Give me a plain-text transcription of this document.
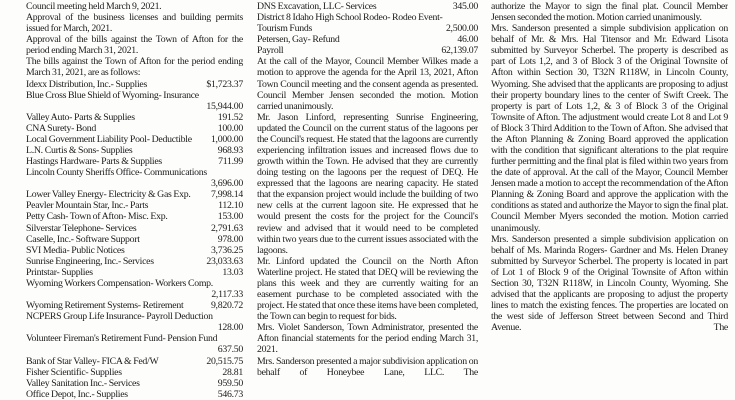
Council meeting held March 9, 2021.

Approval of the business licenses and building permits issued for March, 2021.

Approval of the bills against the Town of Afton for the period ending March 31, 2021.

The bills against the Town of Afton for the period ending March 31, 2021, are as follows:

Idexx Distribution, Inc.- Supplies	$1,723.37
Blue Cross Blue Shield of Wyoming- Insurance
15,944.00
Valley Auto- Parts & Supplies	191.52
CNA Surety- Bond	100.00
Local Government Liability Pool- Deductible 1,000.00
L.N. Curtis & Sons- Supplies	968.93
Hastings Hardware- Parts & Supplies	711.99
Lincoln County Sheriffs Office- Communications
3,696.00
Lower Valley Energy- Electricity & Gas Exp. 7,998.14
Peavler Mountain Star, Inc.- Parts	112.10
Petty Cash- Town of Afton- Misc. Exp.	153.00
Silverstar Telephone- Services	2,791.63
Caselle, Inc.- Software Support	978.00
SVI Media- Public Notices	3,736.25
Sunrise Engineering, Inc.- Services	23,033.63
Printstar- Supplies	13.03
Wyoming Workers Compensation- Workers Comp.
2,117.33
Wyoming Retirement Systems- Retirement	9,820.72
NCPERS Group Life Insurance- Payroll Deduction
128.00
Volunteer Fireman's Retirement Fund- Pension Fund
637.50
Bank of Star Valley- FICA & Fed/W	20,515.75
Fisher Scientific- Supplies	28.81
Valley Sanitation Inc.- Services	959.50
Office Depot, Inc.- Supplies	546.73
DNS Excavation, LLC- Services	345.00
District 8 Idaho High School Rodeo- Rodeo Event-
Tourism Funds	2,500.00
Petersen, Gay- Refund	46.00
Payroll	62,139.07

At the call of the Mayor, Council Member Wilkes made a motion to approve the agenda for the April 13, 2021, Afton Town Council meeting and the consent agenda as presented. Council Member Jensen seconded the motion. Motion carried unanimously.

Mr. Jason Linford, representing Sunrise Engineering, updated the Council on the current status of the lagoons per the Council's request. He stated that the lagoons are currently experiencing infiltration issues and increased flows due to growth within the Town. He advised that they are currently doing testing on the lagoons per the request of DEQ. He expressed that the lagoons are nearing capacity. He stated that the expansion project would include the building of two new cells at the current lagoon site. He expressed that he would present the costs for the project for the Council's review and advised that it would need to be completed within two years due to the current issues associated with the lagoons.

Mr. Linford updated the Council on the North Afton Waterline project. He stated that DEQ will be reviewing the plans this week and they are currently waiting for an easement purchase to be completed associated with the project. He stated that once these items have been completed, the Town can begin to request for bids.

Mrs. Violet Sanderson, Town Administrator, presented the Afton financial statements for the period ending March 31, 2021.

Mrs. Sanderson presented a major subdivision application on behalf of Honeybee Lane, LLC. The

authorize the Mayor to sign the final plat. Council Member Jensen seconded the motion. Motion carried unanimously.

Mrs. Sanderson presented a simple subdivision application on behalf of Mr. & Mrs. Hal Titensor and Mr. Edward Lisota submitted by Surveyor Scherbel. The property is described as part of Lots 1,2, and 3 of Block 3 of the Original Townsite of Afton within Section 30, T32N R118W, in Lincoln County, Wyoming. She advised that the applicants are proposing to adjust their property boundary lines to the center of Swift Creek. The property is part of Lots 1,2, & 3 of Block 3 of the Original Townsite of Afton. The adjustment would create Lot 8 and Lot 9 of Block 3 Third Addition to the Town of Afton. She advised that the Afton Planning & Zoning Board approved the application with the condition that significant alterations to the plat require further permitting and the final plat is filed within two years from the date of approval. At the call of the Mayor, Council Member Jensen made a motion to accept the recommendation of the Afton Planning & Zoning Board and approve the application with the conditions as stated and authorize the Mayor to sign the final plat. Council Member Myers seconded the motion. Motion carried unanimously.

Mrs. Sanderson presented a simple subdivision application on behalf of Ms. Marinda Rogers- Gardner and Ms. Helen Draney submitted by Surveyor Scherbel. The property is located in part of Lot 1 of Block 9 of the Original Townsite of Afton within Section 30, T32N R118W, in Lincoln County, Wyoming. She advised that the applicants are proposing to adjust the property lines to match the existing fences. The properties are located on the west side of Jefferson Street between Second and Third Avenue. The
